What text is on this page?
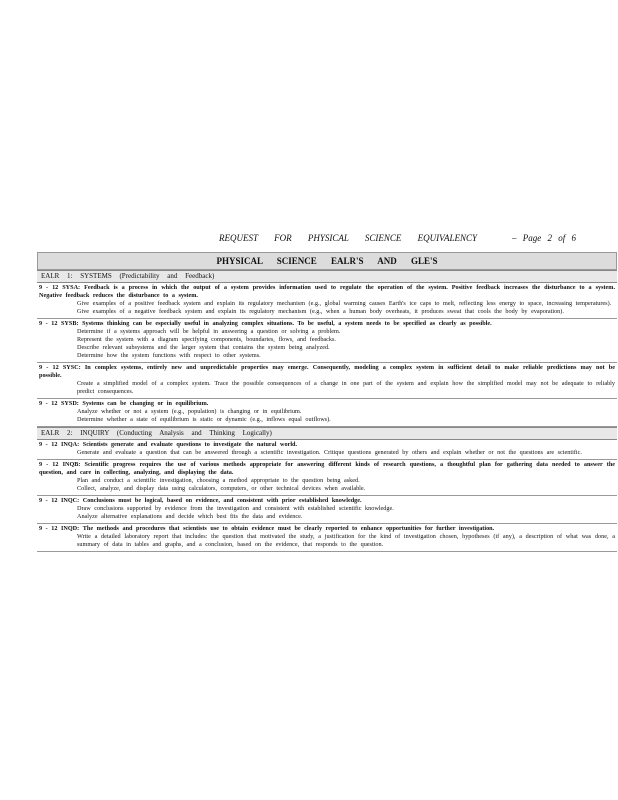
REQUEST FOR PHYSICAL SCIENCE EQUIVALENCY	– Page 2 of 6
PHYSICAL SCIENCE EALR'S AND GLE'S
EALR 1: SYSTEMS (Predictability and Feedback)
9 - 12 SYSA: Feedback is a process in which the output of a system provides information used to regulate the operation of the system. Positive feedback increases the disturbance to a system. Negative feedback reduces the disturbance to a system.
Give examples of a positive feedback system and explain its regulatory mechanism (e.g., global warming causes Earth's ice caps to melt, reflecting less energy to space, increasing temperatures).
Give examples of a negative feedback system and explain its regulatory mechanism (e.g., when a human body overheats, it produces sweat that cools the body by evaporation).
9 - 12 SYSB: Systems thinking can be especially useful in analyzing complex situations. To be useful, a system needs to be specified as clearly as possible.
Determine if a systems approach will be helpful in answering a question or solving a problem.
Represent the system with a diagram specifying components, boundaries, flows, and feedbacks.
Describe relevant subsystems and the larger system that contains the system being analyzed.
Determine how the system functions with respect to other systems.
9 - 12 SYSC: In complex systems, entirely new and unpredictable properties may emerge. Consequently, modeling a complex system in sufficient detail to make reliable predictions may not be possible.
Create a simplified model of a complex system. Trace the possible consequences of a change in one part of the system and explain how the simplified model may not be adequate to reliably predict consequences.
9 - 12 SYSD: Systems can be changing or in equilibrium.
Analyze whether or not a system (e.g., population) is changing or in equilibrium.
Determine whether a state of equilibrium is static or dynamic (e.g., inflows equal outflows).
EALR 2: INQUIRY (Conducting Analysis and Thinking Logically)
9 - 12 INQA: Scientists generate and evaluate questions to investigate the natural world.
Generate and evaluate a question that can be answered through a scientific investigation. Critique questions generated by others and explain whether or not the questions are scientific.
9 - 12 INQB: Scientific progress requires the use of various methods appropriate for answering different kinds of research questions, a thoughtful plan for gathering data needed to answer the question, and care in collecting, analyzing, and displaying the data.
Plan and conduct a scientific investigation, choosing a method appropriate to the question being asked.
Collect, analyze, and display data using calculators, computers, or other technical devices when available.
9 - 12 INQC: Conclusions must be logical, based on evidence, and consistent with prior established knowledge.
Draw conclusions supported by evidence from the investigation and consistent with established scientific knowledge.
Analyze alternative explanations and decide which best fits the data and evidence.
9 - 12 INQD: The methods and procedures that scientists use to obtain evidence must be clearly reported to enhance opportunities for further investigation.
Write a detailed laboratory report that includes: the question that motivated the study, a justification for the kind of investigation chosen, hypotheses (if any), a description of what was done, a summary of data in tables and graphs, and a conclusion, based on the evidence, that responds to the question.
